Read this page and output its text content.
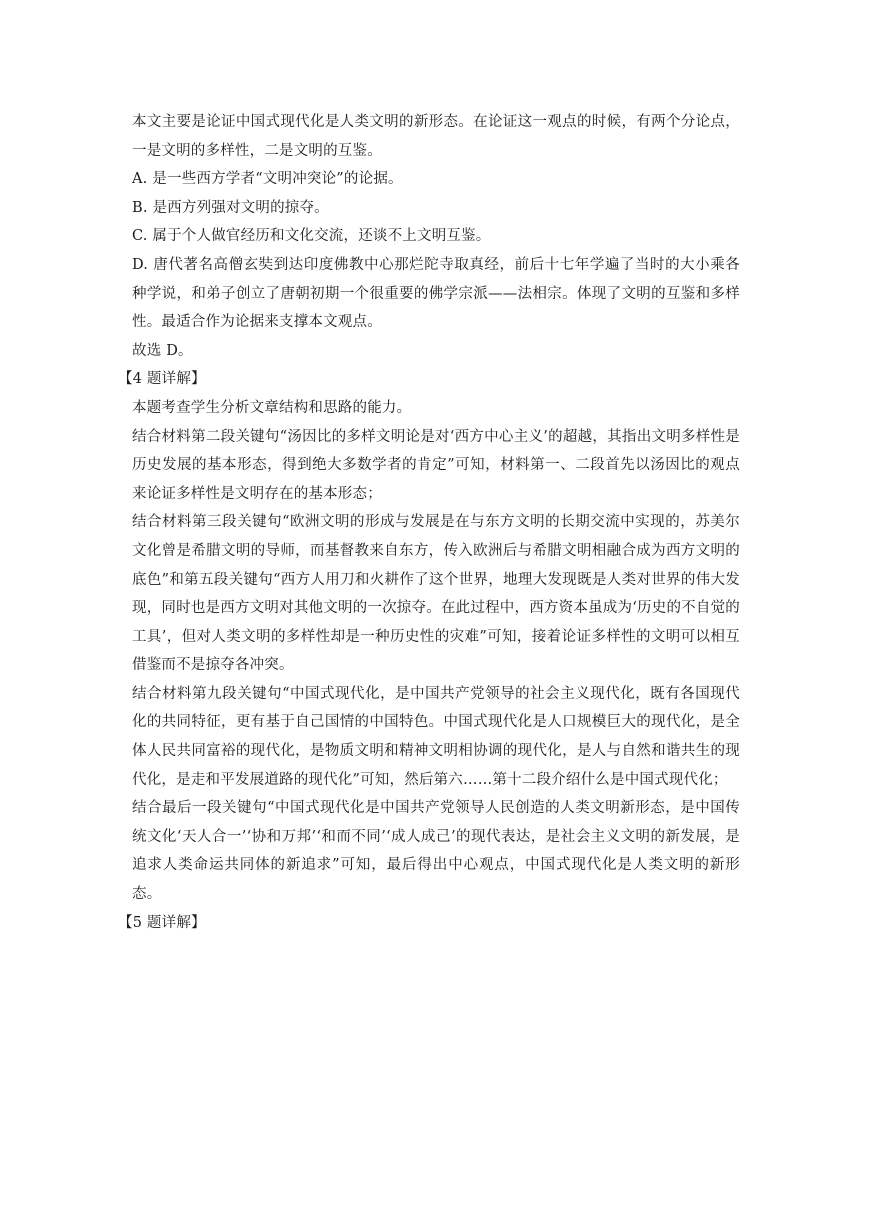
本文主要是论证中国式现代化是人类文明的新形态。在论证这一观点的时候，有两个分论点，一是文明的多样性，二是文明的互鉴。

A. 是一些西方学者“文明冲突论”的论据。

B. 是西方列强对文明的掠夺。

C. 属于个人做官经历和文化交流，还谈不上文明互鉴。

D. 唐代著名高僧玄奘到达印度佛教中心那烂陀寺取真经，前后十七年学遍了当时的大小乘各种学说，和弟子创立了唐朝初期一个很重要的佛学宗派——法相宗。体现了文明的互鉴和多样性。最适合作为论据来支撑本文观点。

故选 D。

【4 题详解】

本题考查学生分析文章结构和思路的能力。

结合材料第二段关键句“汤因比的多样文明论是对‘西方中心主义’的超越，其指出文明多样性是历史发展的基本形态，得到绝大多数学者的肯定”可知，材料第一、二段首先以汤因比的观点来论证多样性是文明存在的基本形态；

结合材料第三段关键句“欧洲文明的形成与发展是在与东方文明的长期交流中实现的，苏美尔文化曾是希腊文明的导师，而基督教来自东方，传入欧洲后与希腊文明相融合成为西方文明的底色”和第五段关键句“西方人用刀和火耕作了这个世界，地理大发现既是人类对世界的伟大发现，同时也是西方文明对其他文明的一次掠夺。在此过程中，西方资本虽成为‘历史的不自觉的工具’，但对人类文明的多样性却是一种历史性的灾难”可知，接着论证多样性的文明可以相互借鉴而不是掠夺各冲突。

结合材料第九段关键句“中国式现代化，是中国共产党领导的社会主义现代化，既有各国现代化的共同特征，更有基于自己国情的中国特色。中国式现代化是人口规模巨大的现代化，是全体人民共同富裕的现代化，是物质文明和精神文明相协调的现代化，是人与自然和谐共生的现代化，是走和平发展道路的现代化”可知，然后第六……第十二段介绍什么是中国式现代化；

结合最后一段关键句“中国式现代化是中国共产党领导人民创造的人类文明新形态，是中国传统文化‘天人合一’‘协和万邦’‘和而不同’‘成人成己’的现代表达，是社会主义文明的新发展，是追求人类命运共同体的新追求”可知，最后得出中心观点，中国式现代化是人类文明的新形态。

【5 题详解】
